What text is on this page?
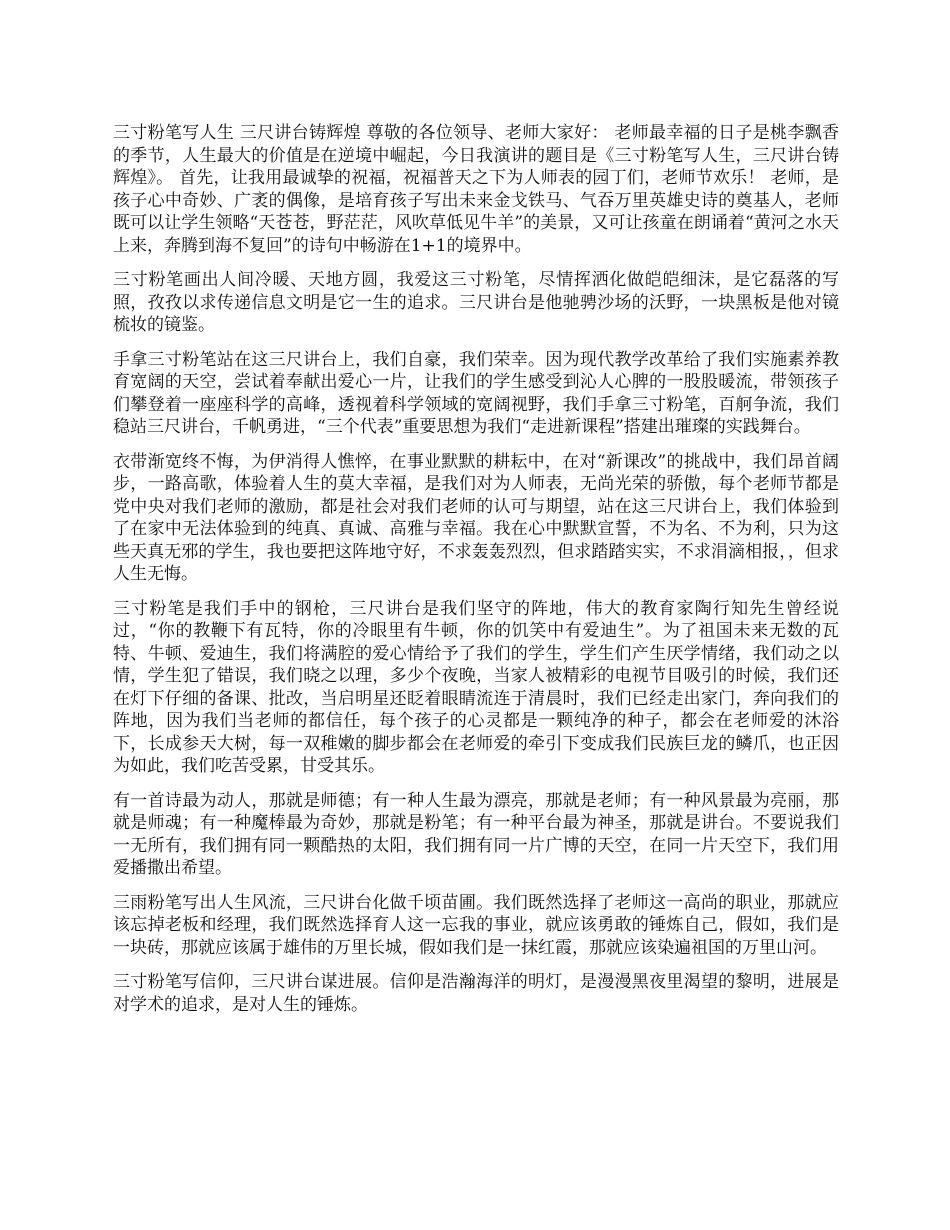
三寸粉笔写人生 三尺讲台铸辉煌 尊敬的各位领导、老师大家好： 老师最幸福的日子是桃李飘香的季节，人生最大的价值是在逆境中崛起，今日我演讲的题目是《三寸粉笔写人生，三尺讲台铸辉煌》。 首先，让我用最诚挚的祝福，祝福普天之下为人师表的园丁们，老师节欢乐！ 老师，是孩子心中奇妙、广袤的偶像，是培育孩子写出未来金戈铁马、气吞万里英雄史诗的奠基人，老师既可以让学生领略“天苍苍，野茫茫，风吹草低见牛羊”的美景，又可让孩童在朗诵着“黄河之水天上来，奔腾到海不复回”的诗句中畅游在1+1的境界中。

三寸粉笔画出人间冷暖、天地方圆，我爱这三寸粉笔，尽情挥洒化做皑皑细沫，是它磊落的写照，孜孜以求传递信息文明是它一生的追求。三尺讲台是他驰骋沙场的沃野，一块黑板是他对镜梳妆的镜鉴。

手拿三寸粉笔站在这三尺讲台上，我们自豪，我们荣幸。因为现代教学改革给了我们实施素养教育宽阔的天空，尝试着奉献出爱心一片，让我们的学生感受到沁人心脾的一股股暖流，带领孩子们攀登着一座座科学的高峰，透视着科学领域的宽阔视野，我们手拿三寸粉笔，百舸争流，我们稳站三尺讲台，千帆勇进，“三个代表”重要思想为我们“走进新课程”搭建出璀璨的实践舞台。

衣带渐宽终不悔，为伊消得人憔悴，在事业默默的耕耘中，在对“新课改”的挑战中，我们昂首阔步，一路高歌，体验着人生的莫大幸福，是我们对为人师表，无尚光荣的骄傲，每个老师节都是党中央对我们老师的激励，都是社会对我们老师的认可与期望，站在这三尺讲台上，我们体验到了在家中无法体验到的纯真、真诚、高雅与幸福。我在心中默默宣誓，不为名、不为利，只为这些天真无邪的学生，我也要把这阵地守好，不求轰轰烈烈，但求踏踏实实，不求涓滴相报，，但求人生无悔。

三寸粉笔是我们手中的钢枪，三尺讲台是我们坚守的阵地，伟大的教育家陶行知先生曾经说过，“你的教鞭下有瓦特，你的冷眼里有牛顿，你的饥笑中有爱迪生”。为了祖国未来无数的瓦特、牛顿、爱迪生，我们将满腔的爱心情给予了我们的学生，学生们产生厌学情绪，我们动之以情，学生犯了错误，我们晓之以理，多少个夜晚，当家人被精彩的电视节目吸引的时候，我们还在灯下仔细的备课、批改，当启明星还眨着眼睛流连于清晨时，我们已经走出家门，奔向我们的阵地，因为我们当老师的都信任，每个孩子的心灵都是一颗纯净的种子，都会在老师爱的沐浴下，长成参天大树，每一双稚嫩的脚步都会在老师爱的牵引下变成我们民族巨龙的鳞爪，也正因为如此，我们吃苦受累，甘受其乐。

有一首诗最为动人，那就是师德；有一种人生最为漂亮，那就是老师；有一种风景最为亮丽，那就是师魂；有一种魔棒最为奇妙，那就是粉笔；有一种平台最为神圣，那就是讲台。不要说我们一无所有，我们拥有同一颗酷热的太阳，我们拥有同一片广博的天空，在同一片天空下，我们用爱播撒出希望。

三雨粉笔写出人生风流，三尺讲台化做千顷苗圃。我们既然选择了老师这一高尚的职业，那就应该忘掉老板和经理，我们既然选择育人这一忘我的事业，就应该勇敢的锤炼自己，假如，我们是一块砖，那就应该属于雄伟的万里长城，假如我们是一抹红霞，那就应该染遍祖国的万里山河。

三寸粉笔写信仰，三尺讲台谋进展。信仰是浩瀚海洋的明灯，是漫漫黑夜里渴望的黎明，进展是对学术的追求，是对人生的锤炼。
